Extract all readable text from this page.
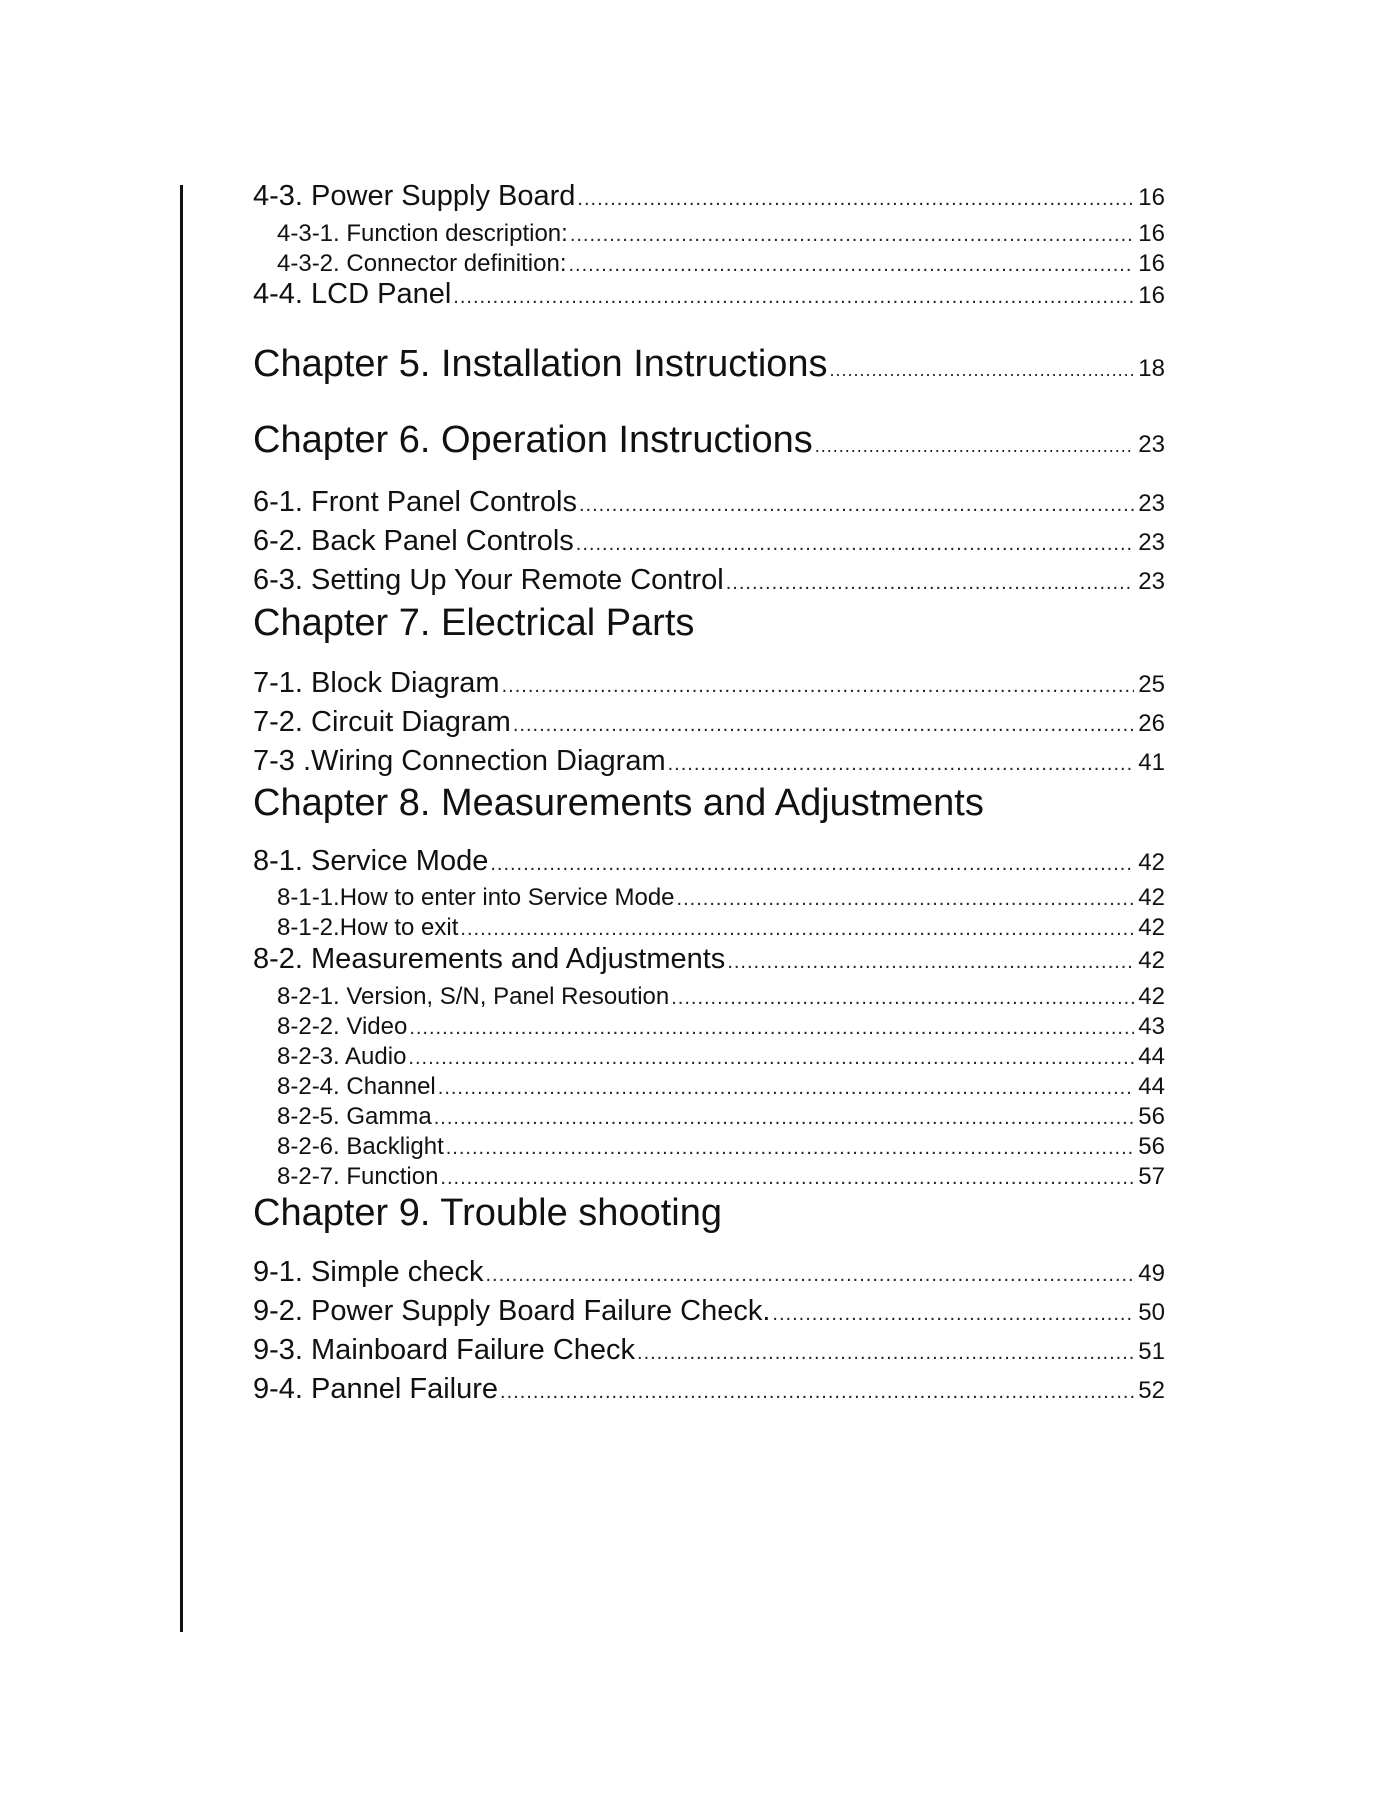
4-3. Power Supply Board .....	16
4-3-1. Function description: .....	16
4-3-2. Connector definition: .....	16
4-4. LCD Panel .....	16
Chapter 5. Installation Instructions .....	18
Chapter 6. Operation Instructions .....	23
6-1. Front Panel Controls .....	23
6-2. Back Panel Controls .....	23
6-3. Setting Up Your Remote Control .....	23
Chapter 7. Electrical Parts
7-1. Block Diagram .....	25
7-2. Circuit Diagram .....	26
7-3 .Wiring Connection Diagram .....	41
Chapter 8. Measurements and Adjustments
8-1. Service Mode .....	42
8-1-1.How to enter into Service Mode .....	42
8-1-2.How to exit .....	42
8-2. Measurements and Adjustments .....	42
8-2-1. Version, S/N, Panel Resoution .....	42
8-2-2. Video .....	43
8-2-3. Audio .....	44
8-2-4. Channel .....	44
8-2-5. Gamma .....	56
8-2-6. Backlight .....	56
8-2-7. Function .....	57
Chapter 9. Trouble shooting
9-1. Simple check .....	49
9-2. Power Supply Board Failure Check. .....	50
9-3. Mainboard Failure Check .....	51
9-4. Pannel Failure .....	52
